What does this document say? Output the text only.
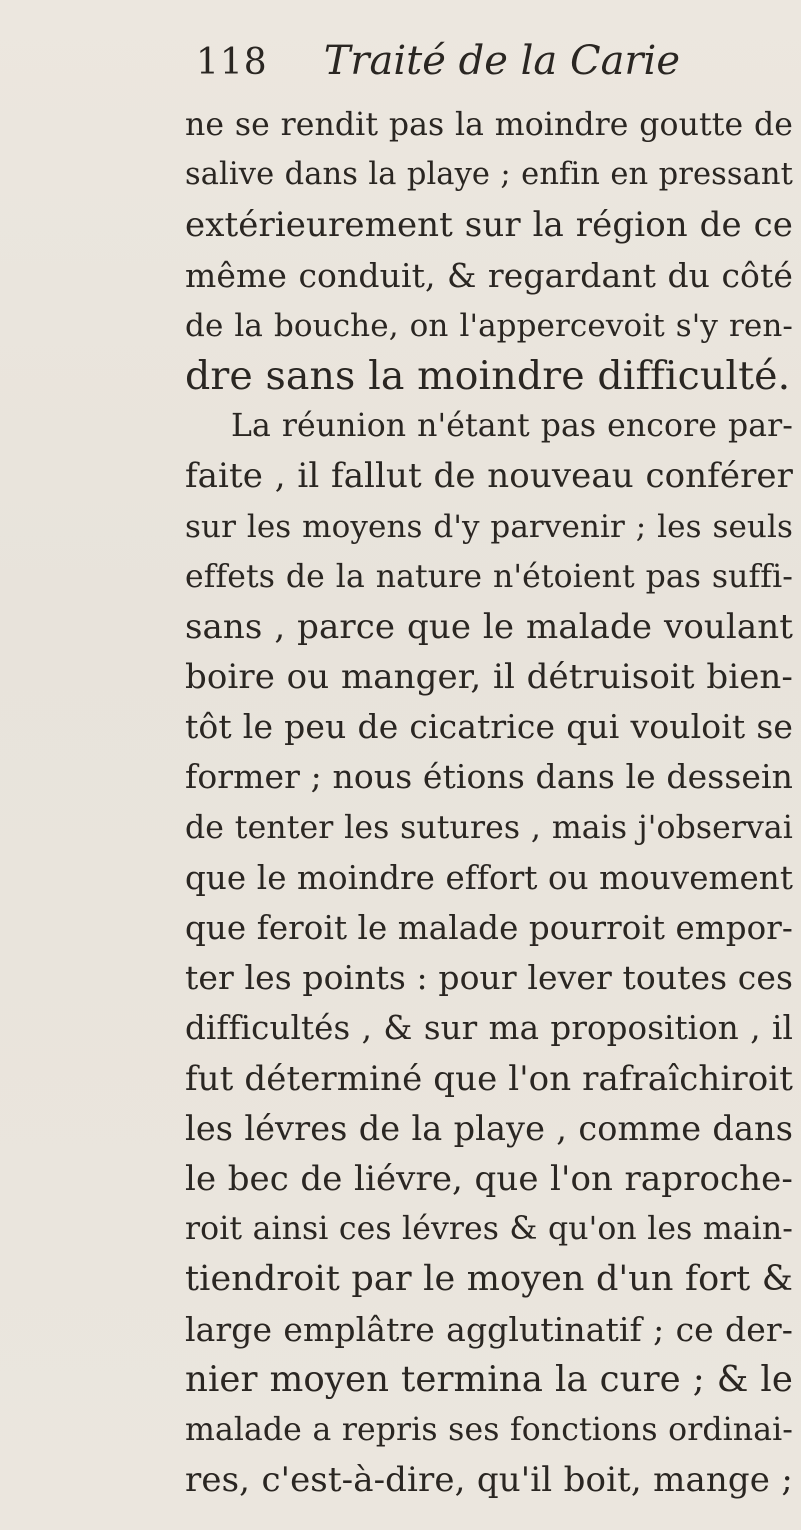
118 Traité de la Carie
ne se rendit pas la moindre goutte de
salive dans la playe ; enfin en pressant
extérieurement sur la région de ce
même conduit, & regardant du côté
de la bouche, on l'appercevoit s'y ren-
dre sans la moindre difficulté.
La réunion n'étant pas encore par-
faite , il fallut de nouveau conférer
sur les moyens d'y parvenir ; les seuls
effets de la nature n'étoient pas suffi-
sans , parce que le malade voulant
boire ou manger, il détruisoit bien-
tôt le peu de cicatrice qui vouloit se
former ; nous étions dans le dessein
de tenter les sutures , mais j'observai
que le moindre effort ou mouvement
que feroit le malade pourroit empor-
ter les points : pour lever toutes ces
difficultés , & sur ma proposition , il
fut déterminé que l'on rafraîchiroit
les lévres de la playe , comme dans
le bec de liévre, que l'on raproche-
roit ainsi ces lévres & qu'on les main-
tiendroit par le moyen d'un fort &
large emplâtre agglutinatif ; ce der-
nier moyen termina la cure ; & le
malade a repris ses fonctions ordinai-
res, c'est-à-dire, qu'il boit, mange ;
